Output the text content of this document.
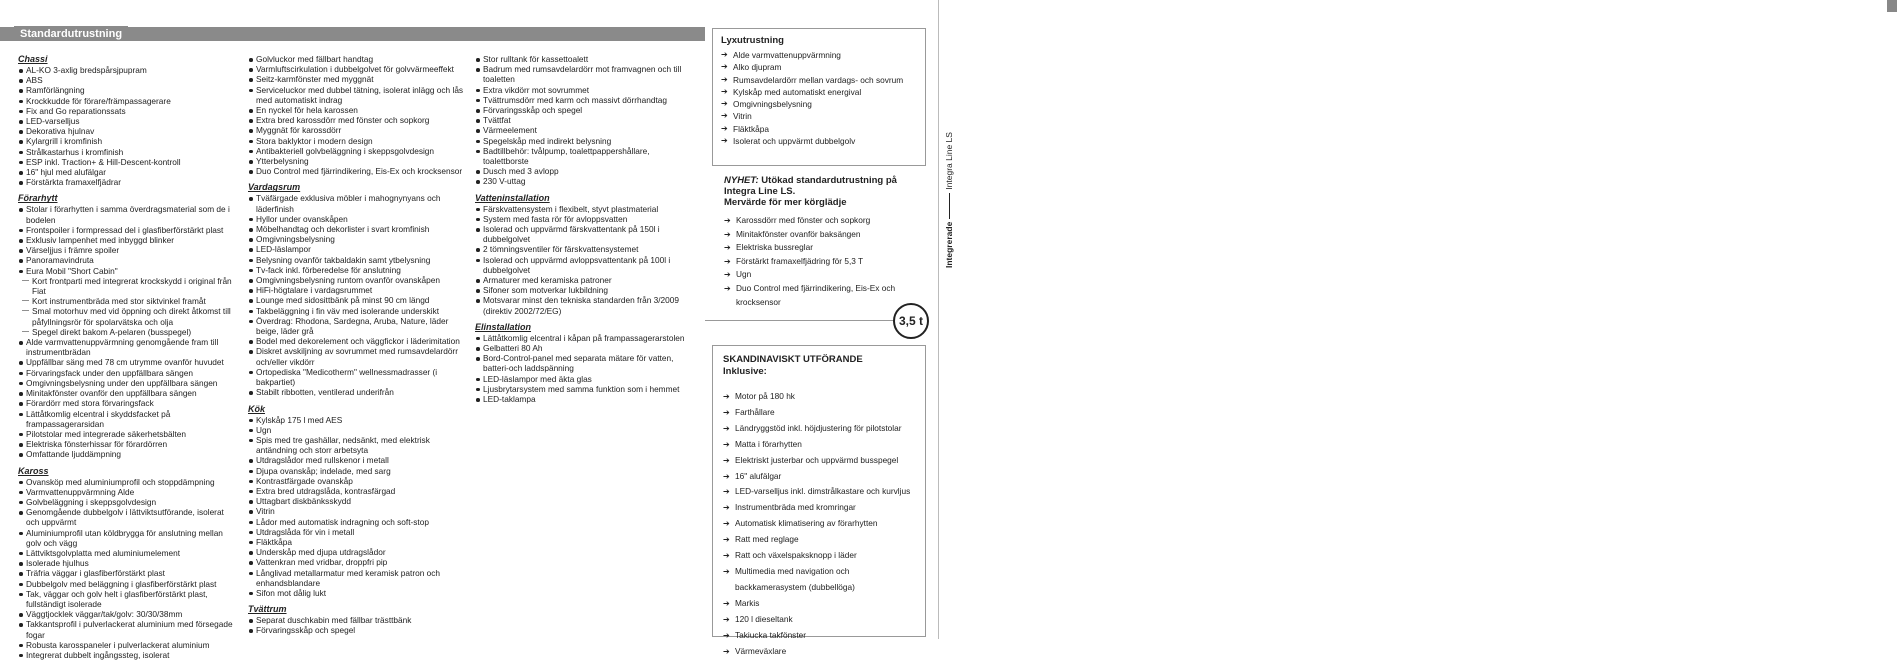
Standardutrustning
IntegreradeIntegra Line LS
Chassi
AL-KO 3-axlig bredspårsjpupram
ABS
Ramförlängning
Krockkudde för förare/främpassagerare
Fix and Go reparationssats
LED-varselljus
Dekorativa hjulnav
Kylargrill i kromfinish
Strålkastarhus i kromfinish
ESP inkl. Traction+ & Hill-Descent-kontroll
16" hjul med alufälgar
Förstärkta framaxelfjädrar
Förarhytt
Stolar i förarhytten i samma överdragsmaterial som de i bodelen
Frontspoiler i formpressad del i glasfiberförstärkt plast
Exklusiv lampenhet med inbyggd blinker
Värseljjus i främre spoiler
Panoramavindruta
Eura Mobil "Short Cabin"
— Kort frontparti med integrerat krockskydd i original från Fiat
— Kort instrumentbräda med stor siktvinkel framåt
— Smal motorhuv med vid öppning och direkt åtkomst till påfyllningsrör för spolarvätska och olja
— Spegel direkt bakom A-pelaren (busspegel)
Alde varmvattenuppvärmning genomgående fram till instrumentbrädan
Uppfällbar säng med 78 cm utrymme ovanför huvudet
Förvaringsfack under den uppfällbara sängen
Omgivningsbelysning under den uppfällbara sängen
Minitakfönster ovanför den uppfällbara sängen
Förardörr med stora förvaringsfack
Lättåtkomlig elcentral i skyddsfacket på frampassagerarsidan
Pilotstolar med integrerade säkerhetsbälten
Elektriska fönsterhissar för förardörren
Omfattande ljuddämpning
Kaross
Ovansköp med aluminiumprofil och stoppdämpning
Varmvattenuppvärmning Alde
Golvbeläggning i skeppsgolvdesign
Genomgående dubbelgolv i lättviktsutförande, isolerat och uppvärmt
Aluminiumprofil utan köldbrygga för anslutning mellan golv och vägg
Lättviktsgolvplatta med aluminiumelement
Isolerade hjulhus
Träfria väggar i glasfiberförstärkt plast
Dubbelgolv med beläggning i glasfiberförstärkt plast
Tak, väggar och golv helt i glasfiberförstärkt plast, fullständigt isolerade
Väggtjocklek väggar/tak/golv: 30/30/38mm
Takkantsprofil i pulverlackerat aluminium med försegade fogar
Robusta karosspaneler i pulverlackerat aluminium
Integrerat dubbelt ingångssteg, isolerat
Golvluckor med fällbart handtag
Varmluftscirkulation i dubbelgolvet för golvvärmeeffekt
Seitz-karmfönster med myggnät
Serviceluckor med dubbel tätning, isolerat inlägg och lås med automatiskt indrag
En nyckel för hela karossen
Extra bred karossdörr med fönster och sopkorg
Myggnät för karossdörr
Stora baklyktor i modern design
Antibakteriell golvbeläggning i skeppsgolvdesign
Ytterbelysning
Duo Control med fjärrindikering, Eis-Ex och krocksensor
Vardagsrum
Tväfärgade exklusiva möbler i mahognynyans och läderfinish
Hyllor under ovanskåpen
Möbelhandtag och dekorlister i svart kromfinish
Omgivningsbelysning
LED-läslampor
Belysning ovanför takbaldakin samt ytbelysning
Tv-fack inkl. förberedelse för anslutning
Omgivningsbelysning runtom ovanför ovanskåpen
HiFi-högtalare i vardagsrummet
Lounge med sidosittbänk på minst 90 cm längd
Takbeläggning i fin väv med isolerande underskikt
Överdrag: Rhodona, Sardegna, Aruba, Nature, läder beige, läder grå
Bodel med dekorelement och väggfickor i läderimitation
Diskret avskiljning av sovrummet med rumsavdelardörr och/eller vikdörr
Ortopediska "Medicotherm" wellnessmadrasser (i bakpartiet)
Stabilt ribbotten, ventilerad underifrån
Kök
Kylskåp 175 l med AES
Ugn
Spis med tre gashällar, nedsänkt, med elektrisk antändning och storr arbetsyta
Utdragslådor med rullskenor i metall
Djupa ovanskåp; indelade, med sarg
Kontrastfärgade ovanskåp
Extra bred utdragslåda, kontrasfärgad
Uttagbart diskbänksskydd
Vitrin
Lådor med automatisk indragning och soft-stop
Utdragslåda för vin i metall
Fläktkåpa
Underskåp med djupa utdragslådor
Vattenkran med vridbar, droppfri pip
Långlivad metallarmatur med keramisk patron och enhandsblandare
Sifon mot dålig lukt
Tvättrum
Separat duschkabin med fällbar trästtbänk
Förvaringsskåp och spegel
Stor rulltank för kassettoalett
Badrum med rumsavdelardörr mot framvagnen och till toaletten
Extra vikdörr mot sovrummet
Tvättrumsdörr med karm och massivt dörrhandtag
Förvaringsskåp och spegel
Tvättfat
Värmeelement
Spegelskåp med indirekt belysning
Badtillbehör: tvålpump, toalettpappershållare, toalettborste
Dusch med 3 avlopp
230 V-uttag
Vatteninstallation
Färskvattensystem i flexibelt, styvt plastmaterial
System med fasta rör för avloppsvatten
Isolerad och uppvärmd färskvattentank på 150l i dubbelgolvet
2 tömningsventiler för färskvattensystemet
Isolerad och uppvärmd avloppsvattentank på 100l i dubbelgolvet
Armaturer med keramiska patroner
Sifoner som motverkar lukbildning
Motsvarar minst den tekniska standarden från 3/2009 (direktiv 2002/72/EG)
Elinstallation
Lättåtkomlig elcentral i kåpan på frampassagerarstolen
Gelbatteri 80 Ah
Bord-Control-panel med separata mätare för vatten, batteri-och laddspänning
LED-läslampor med äkta glas
Ljusbrytarsystem med samma funktion som i hemmet
LED-taklampa
Lyxutrustning
➔ Alde varmvattenuppvärmning
➔ Alko djupram
➔ Rumsavdelardörr mellan vardags- och sovrum
➔ Kylskåp med automatiskt energival
➔ Omgivningsbelysning
➔ Vitrin
➔ Fläktkåpa
➔ Isolerat och uppvärmt dubbelgolv
NYHET: Utökad standardutrustning på Integra Line LS.
Mervärde för mer körglädje
➔ Karossdörr med fönster och sopkorg
➔ Minitakfönster ovanför baksängen
➔ Elektriska bussreglar
➔ Förstärkt framaxelfjädring för 5,3 T
➔ Ugn
➔ Duo Control med fjärrindikering, Eis-Ex och krocksensor
3,5 t
SKANDINAVISKT UTFÖRANDE
Inklusive:
➔ Motor på 180 hk
➔ Farthållare
➔ Ländryggstöd inkl. höjdjustering för pilotstolar
➔ Matta i förarhytten
➔ Elektriskt justerbar och uppvärmd busspegel
➔ 16" alufälgar
➔ LED-varselljus inkl. dimstrålkastare och kurvljus
➔ Instrumentbräda med kromringar
➔ Automatisk klimatisering av förarhytten
➔ Ratt med reglage
➔ Ratt och växelspaksknopp i läder
➔ Multimedia med navigation och backkamerasystem (dubbellöga)
➔ Markis
➔ 120 l dieseltank
➔ Takiucka takfönster
➔ Värmeväxlare
